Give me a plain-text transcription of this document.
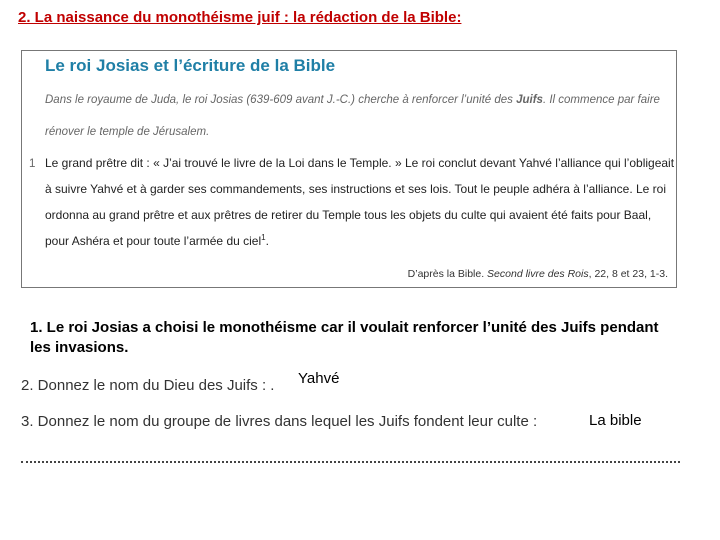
2. La naissance du monothéisme juif : la rédaction de la Bible:
Le roi Josias et l’écriture de la Bible
Dans le royaume de Juda, le roi Josias (639-609 avant J.-C.) cherche à renforcer l’unité des Juifs. Il commence par faire rénover le temple de Jérusalem.
1 Le grand prêtre dit : « J’ai trouvé le livre de la Loi dans le Temple. » Le roi conclut devant Yahvé l’alliance qui l’obligeait à suivre Yahvé et à garder ses commandements, ses instructions et ses lois. Tout le peuple adhéra à l’alliance. Le roi ordonna au grand prêtre et aux prêtres de retirer du Temple tous les objets du culte qui avaient été faits pour Baal, pour Ashéra et pour toute l’armée du ciel$^1$.
D’après la Bible. Second livre des Rois, 22, 8 et 23, 1-3.
1. Le roi Josias a choisi le monothéisme car il voulait renforcer l’unité des Juifs pendant les invasions.
2. Donnez le nom du Dieu des Juifs : . Yahvé
3. Donnez le nom du groupe de livres dans lequel les Juifs fondent leur culte :	La bible
